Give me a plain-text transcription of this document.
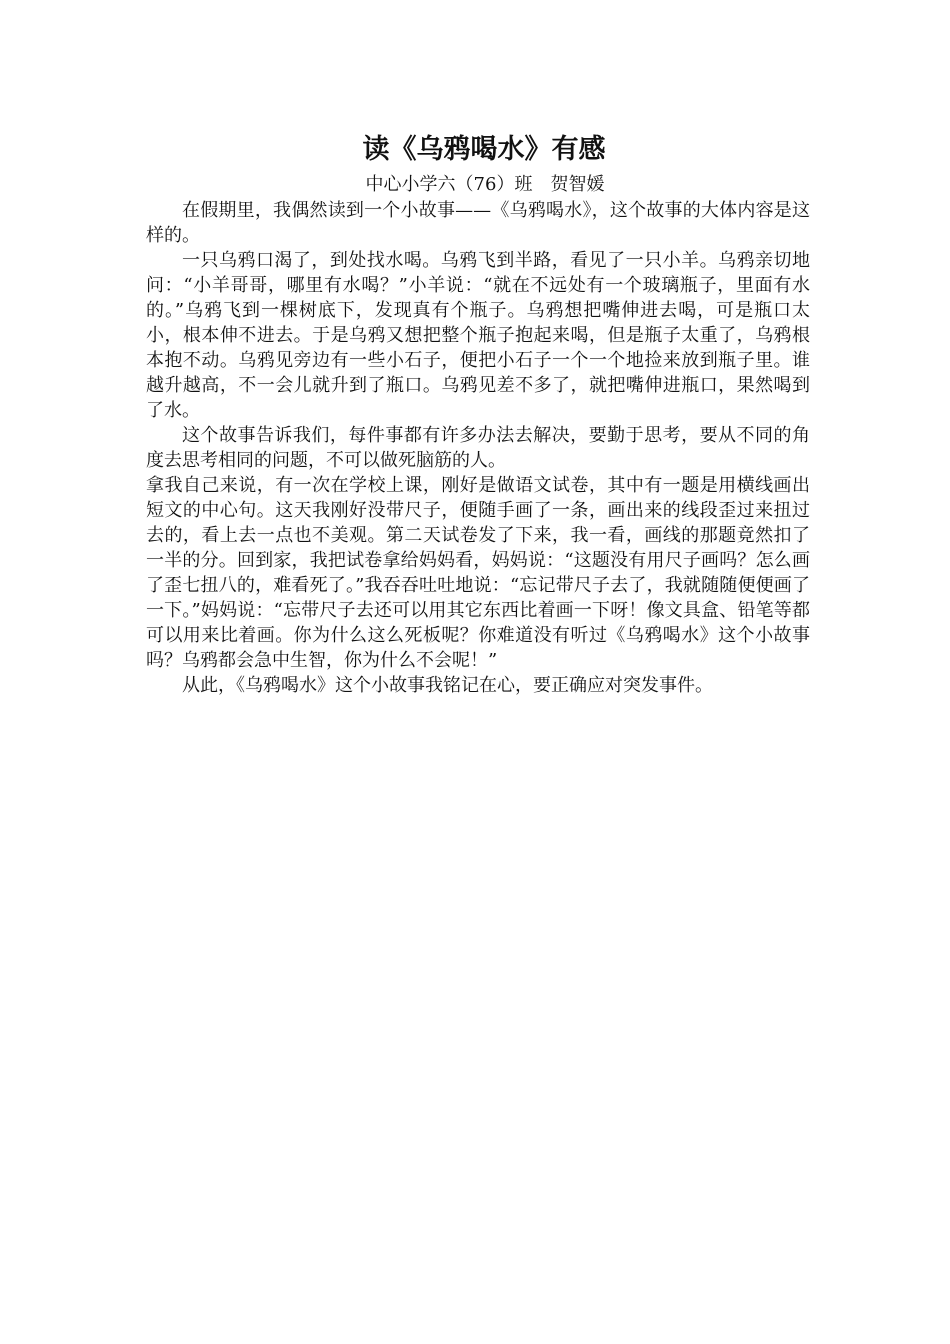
读《乌鸦喝水》有感

中心小学六（76）班　贺智媛

在假期里，我偶然读到一个小故事——《乌鸦喝水》，这个故事的大体内容是这样的。

一只乌鸦口渴了，到处找水喝。乌鸦飞到半路，看见了一只小羊。乌鸦亲切地问：“小羊哥哥，哪里有水喝？”小羊说：“就在不远处有一个玻璃瓶子，里面有水的。”乌鸦飞到一棵树底下，发现真有个瓶子。乌鸦想把嘴伸进去喝，可是瓶口太小，根本伸不进去。于是乌鸦又想把整个瓶子抱起来喝，但是瓶子太重了，乌鸦根本抱不动。乌鸦见旁边有一些小石子，便把小石子一个一个地捡来放到瓶子里。谁越升越高，不一会儿就升到了瓶口。乌鸦见差不多了，就把嘴伸进瓶口，果然喝到了水。

这个故事告诉我们，每件事都有许多办法去解决，要勤于思考，要从不同的角度去思考相同的问题，不可以做死脑筋的人。

拿我自己来说，有一次在学校上课，刚好是做语文试卷，其中有一题是用横线画出短文的中心句。这天我刚好没带尺子，便随手画了一条，画出来的线段歪过来扭过去的，看上去一点也不美观。第二天试卷发了下来，我一看，画线的那题竟然扣了一半的分。回到家，我把试卷拿给妈妈看，妈妈说：“这题没有用尺子画吗？怎么画了歪七扭八的，难看死了。”我吞吞吐吐地说：“忘记带尺子去了，我就随随便便画了一下。”妈妈说：“忘带尺子去还可以用其它东西比着画一下呀！像文具盒、铅笔等都可以用来比着画。你为什么这么死板呢？你难道没有听过《乌鸦喝水》这个小故事吗？乌鸦都会急中生智，你为什么不会呢！”

从此，《乌鸦喝水》这个小故事我铭记在心，要正确应对突发事件。
